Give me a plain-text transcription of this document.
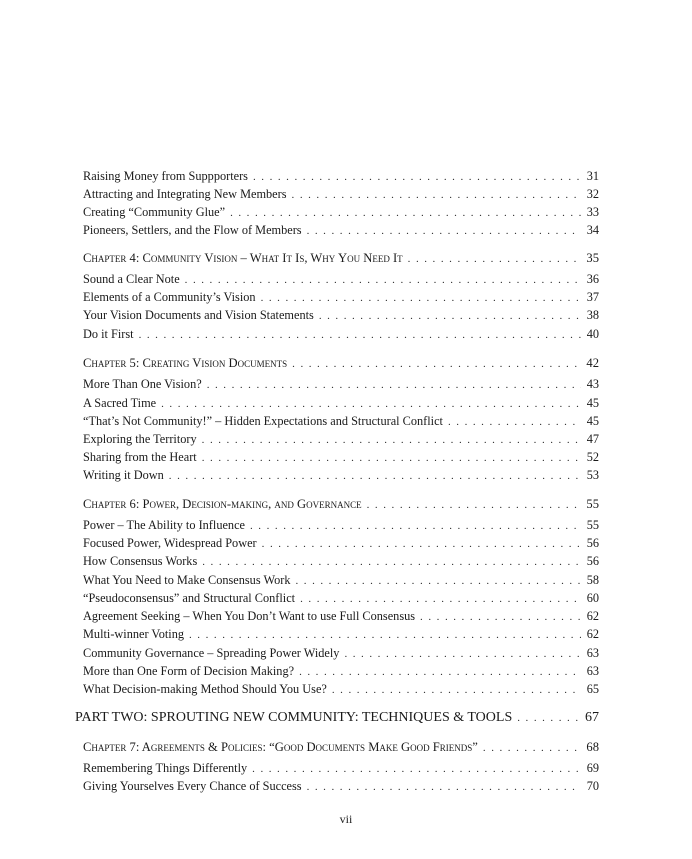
Raising Money from Suppporters . . .	31
Attracting and Integrating New Members . . .	32
Creating “Community Glue” . . .	33
Pioneers, Settlers, and the Flow of Members . . .	34
Chapter 4: Community Vision – What It Is, Why You Need It . . .	35
Sound a Clear Note . . .	36
Elements of a Community’s Vision . . .	37
Your Vision Documents and Vision Statements . . .	38
Do it First . . .	40
Chapter 5: Creating Vision Documents . . .	42
More Than One Vision? . . .	43
A Sacred Time . . .	45
“That’s Not Community!” – Hidden Expectations and Structural Conflict . . .	45
Exploring the Territory . . .	47
Sharing from the Heart . . .	52
Writing it Down . . .	53
Chapter 6: Power, Decision-making, and Governance . . .	55
Power – The Ability to Influence . . .	55
Focused Power, Widespread Power . . .	56
How Consensus Works . . .	56
What You Need to Make Consensus Work . . .	58
“Pseudoconsensus” and Structural Conflict . . .	60
Agreement Seeking – When You Don’t Want to use Full Consensus . . .	62
Multi-winner Voting . . .	62
Community Governance – Spreading Power Widely . . .	63
More than One Form of Decision Making? . . .	63
What Decision-making Method Should You Use? . . .	65
PART TWO: SPROUTING NEW COMMUNITY: TECHNIQUES & TOOLS . . .	67
Chapter 7: Agreements & Policies: “Good Documents Make Good Friends” . . .	68
Remembering Things Differently . . .	69
Giving Yourselves Every Chance of Success . . .	70
vii
